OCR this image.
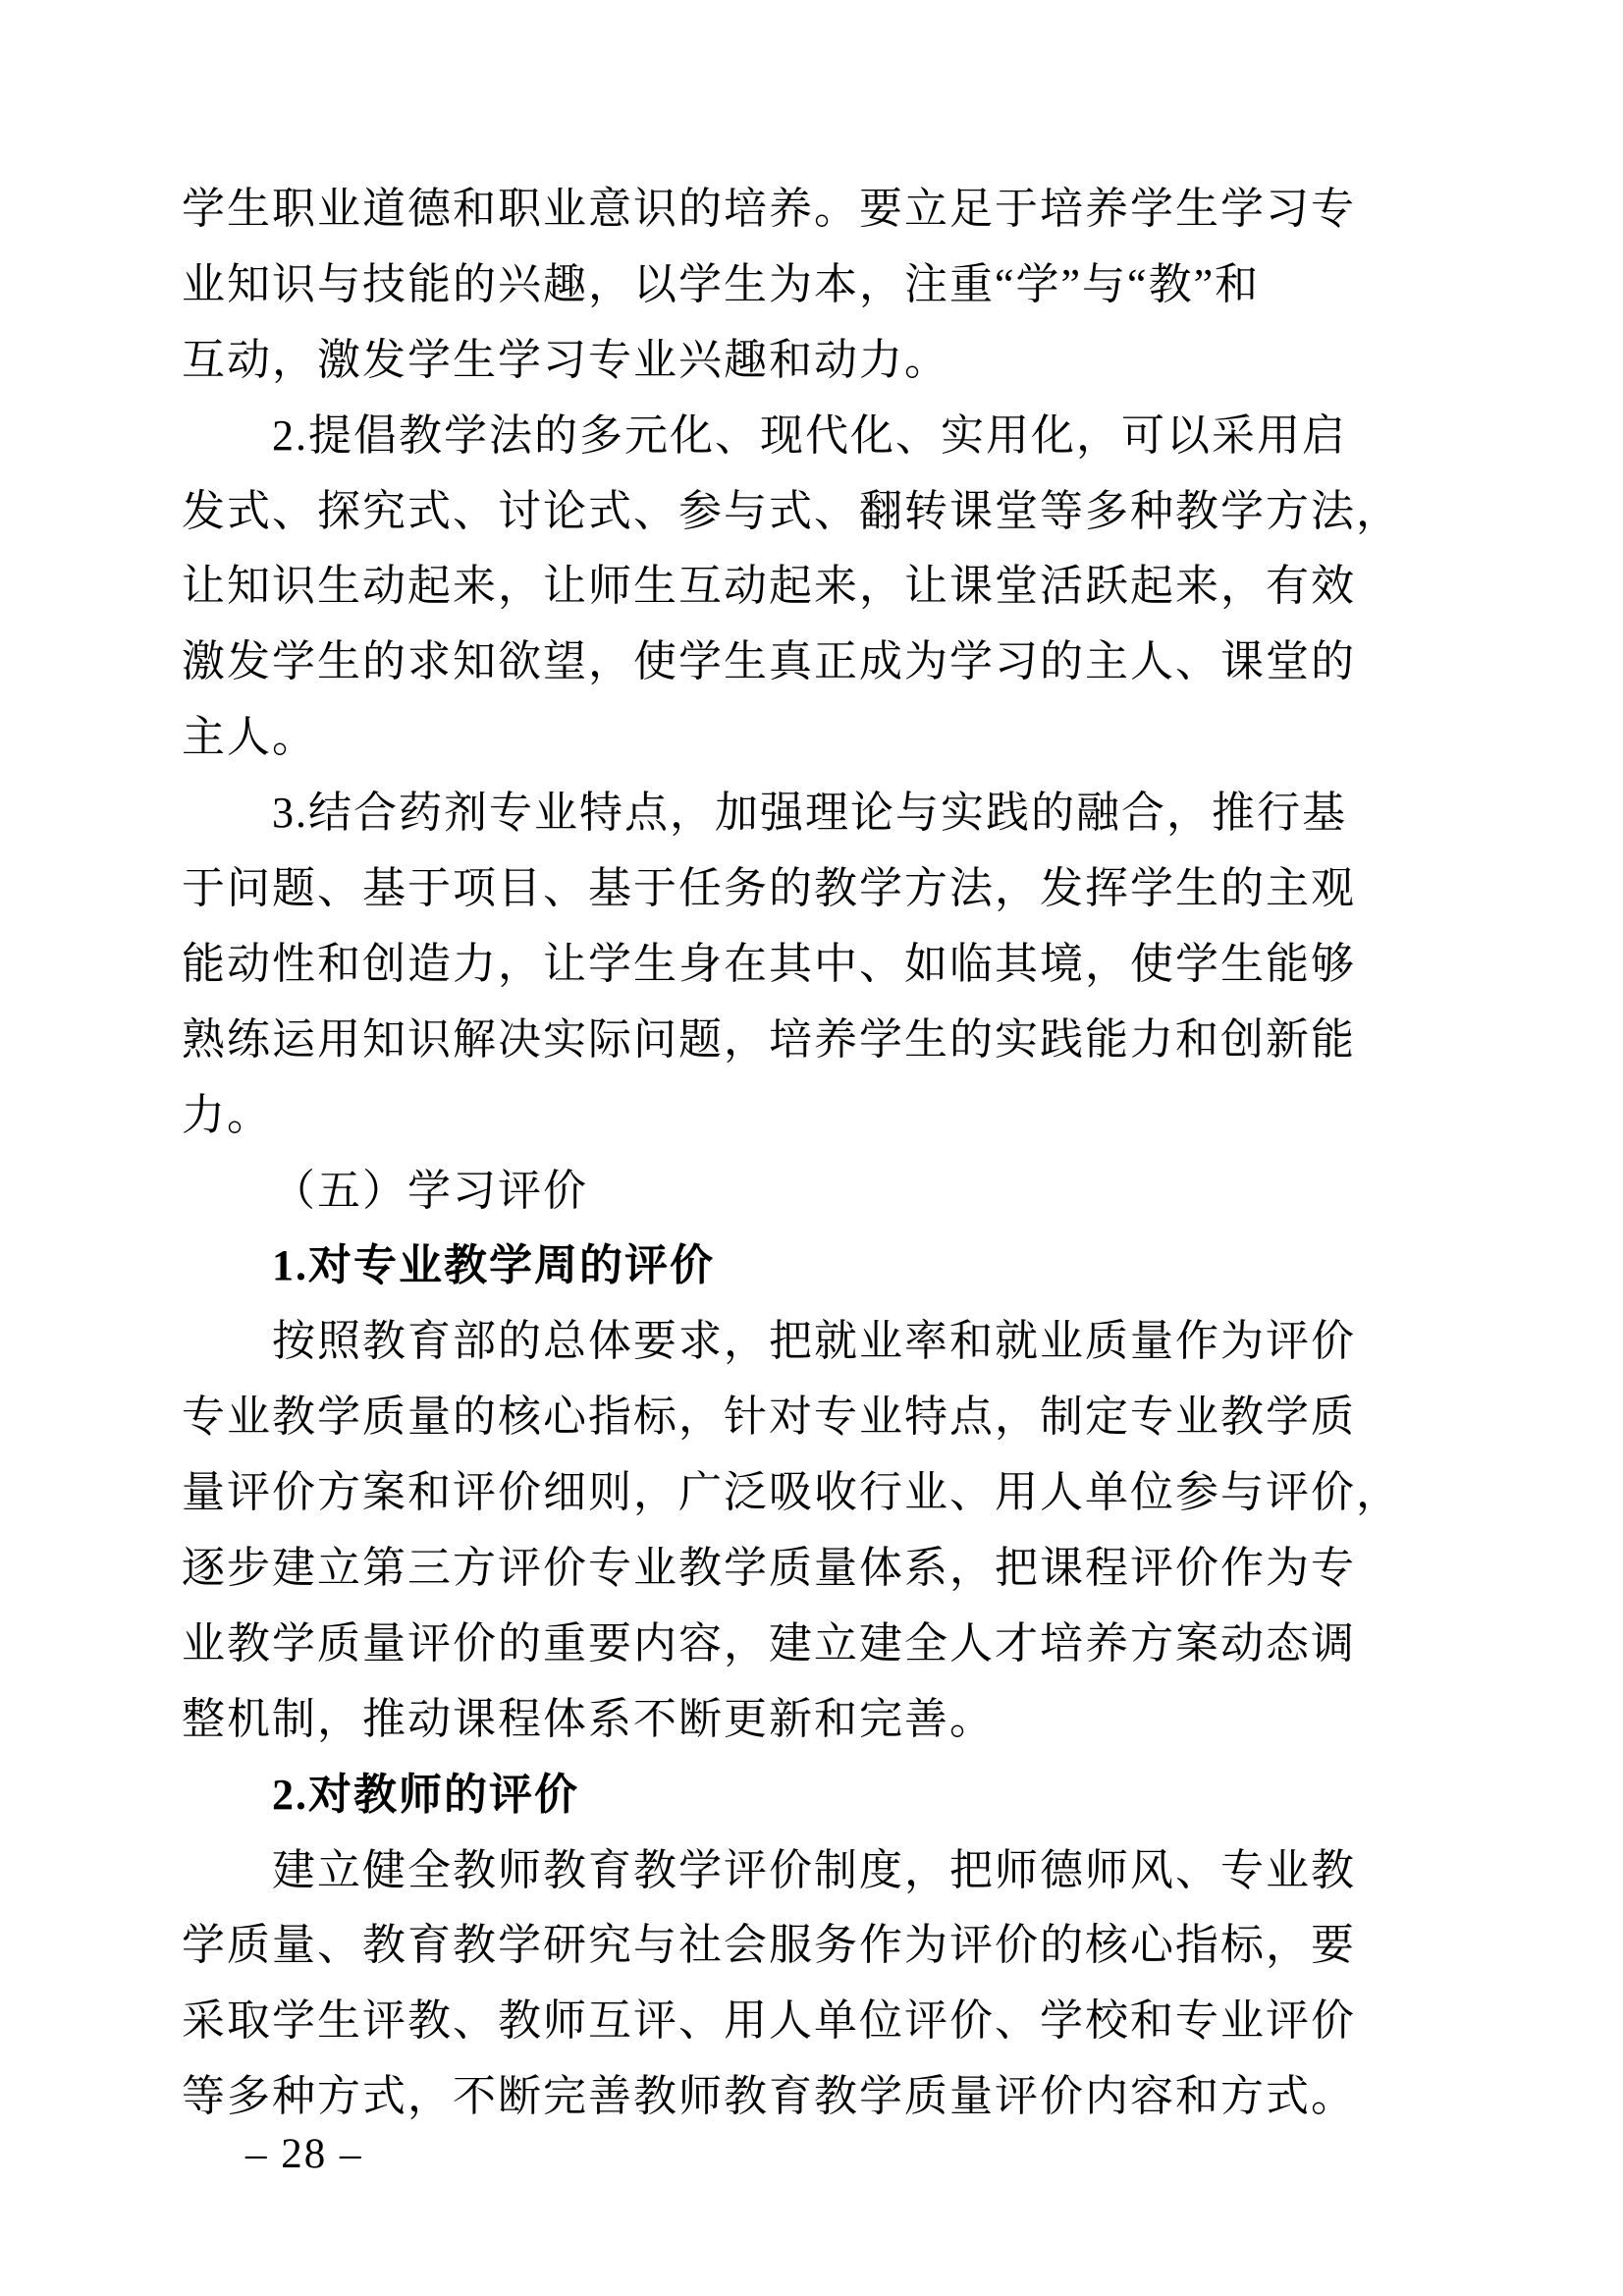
学生职业道德和职业意识的培养。要立足于培养学生学习专
业知识与技能的兴趣，以学生为本，注重“学”与“教”和
互动，激发学生学习专业兴趣和动力。
2.提倡教学法的多元化、现代化、实用化，可以采用启
发式、探究式、讨论式、参与式、翻转课堂等多种教学方法，
让知识生动起来，让师生互动起来，让课堂活跃起来，有效
激发学生的求知欲望，使学生真正成为学习的主人、课堂的
主人。
3.结合药剂专业特点，加强理论与实践的融合，推行基
于问题、基于项目、基于任务的教学方法，发挥学生的主观
能动性和创造力，让学生身在其中、如临其境，使学生能够
熟练运用知识解决实际问题，培养学生的实践能力和创新能
力。
（五）学习评价
1.对专业教学周的评价
按照教育部的总体要求，把就业率和就业质量作为评价
专业教学质量的核心指标，针对专业特点，制定专业教学质
量评价方案和评价细则，广泛吸收行业、用人单位参与评价，
逐步建立第三方评价专业教学质量体系，把课程评价作为专
业教学质量评价的重要内容，建立建全人才培养方案动态调
整机制，推动课程体系不断更新和完善。
2.对教师的评价
建立健全教师教育教学评价制度，把师德师风、专业教
学质量、教育教学研究与社会服务作为评价的核心指标，要
采取学生评教、教师互评、用人单位评价、学校和专业评价
等多种方式，不断完善教师教育教学质量评价内容和方式。
– 28 –
